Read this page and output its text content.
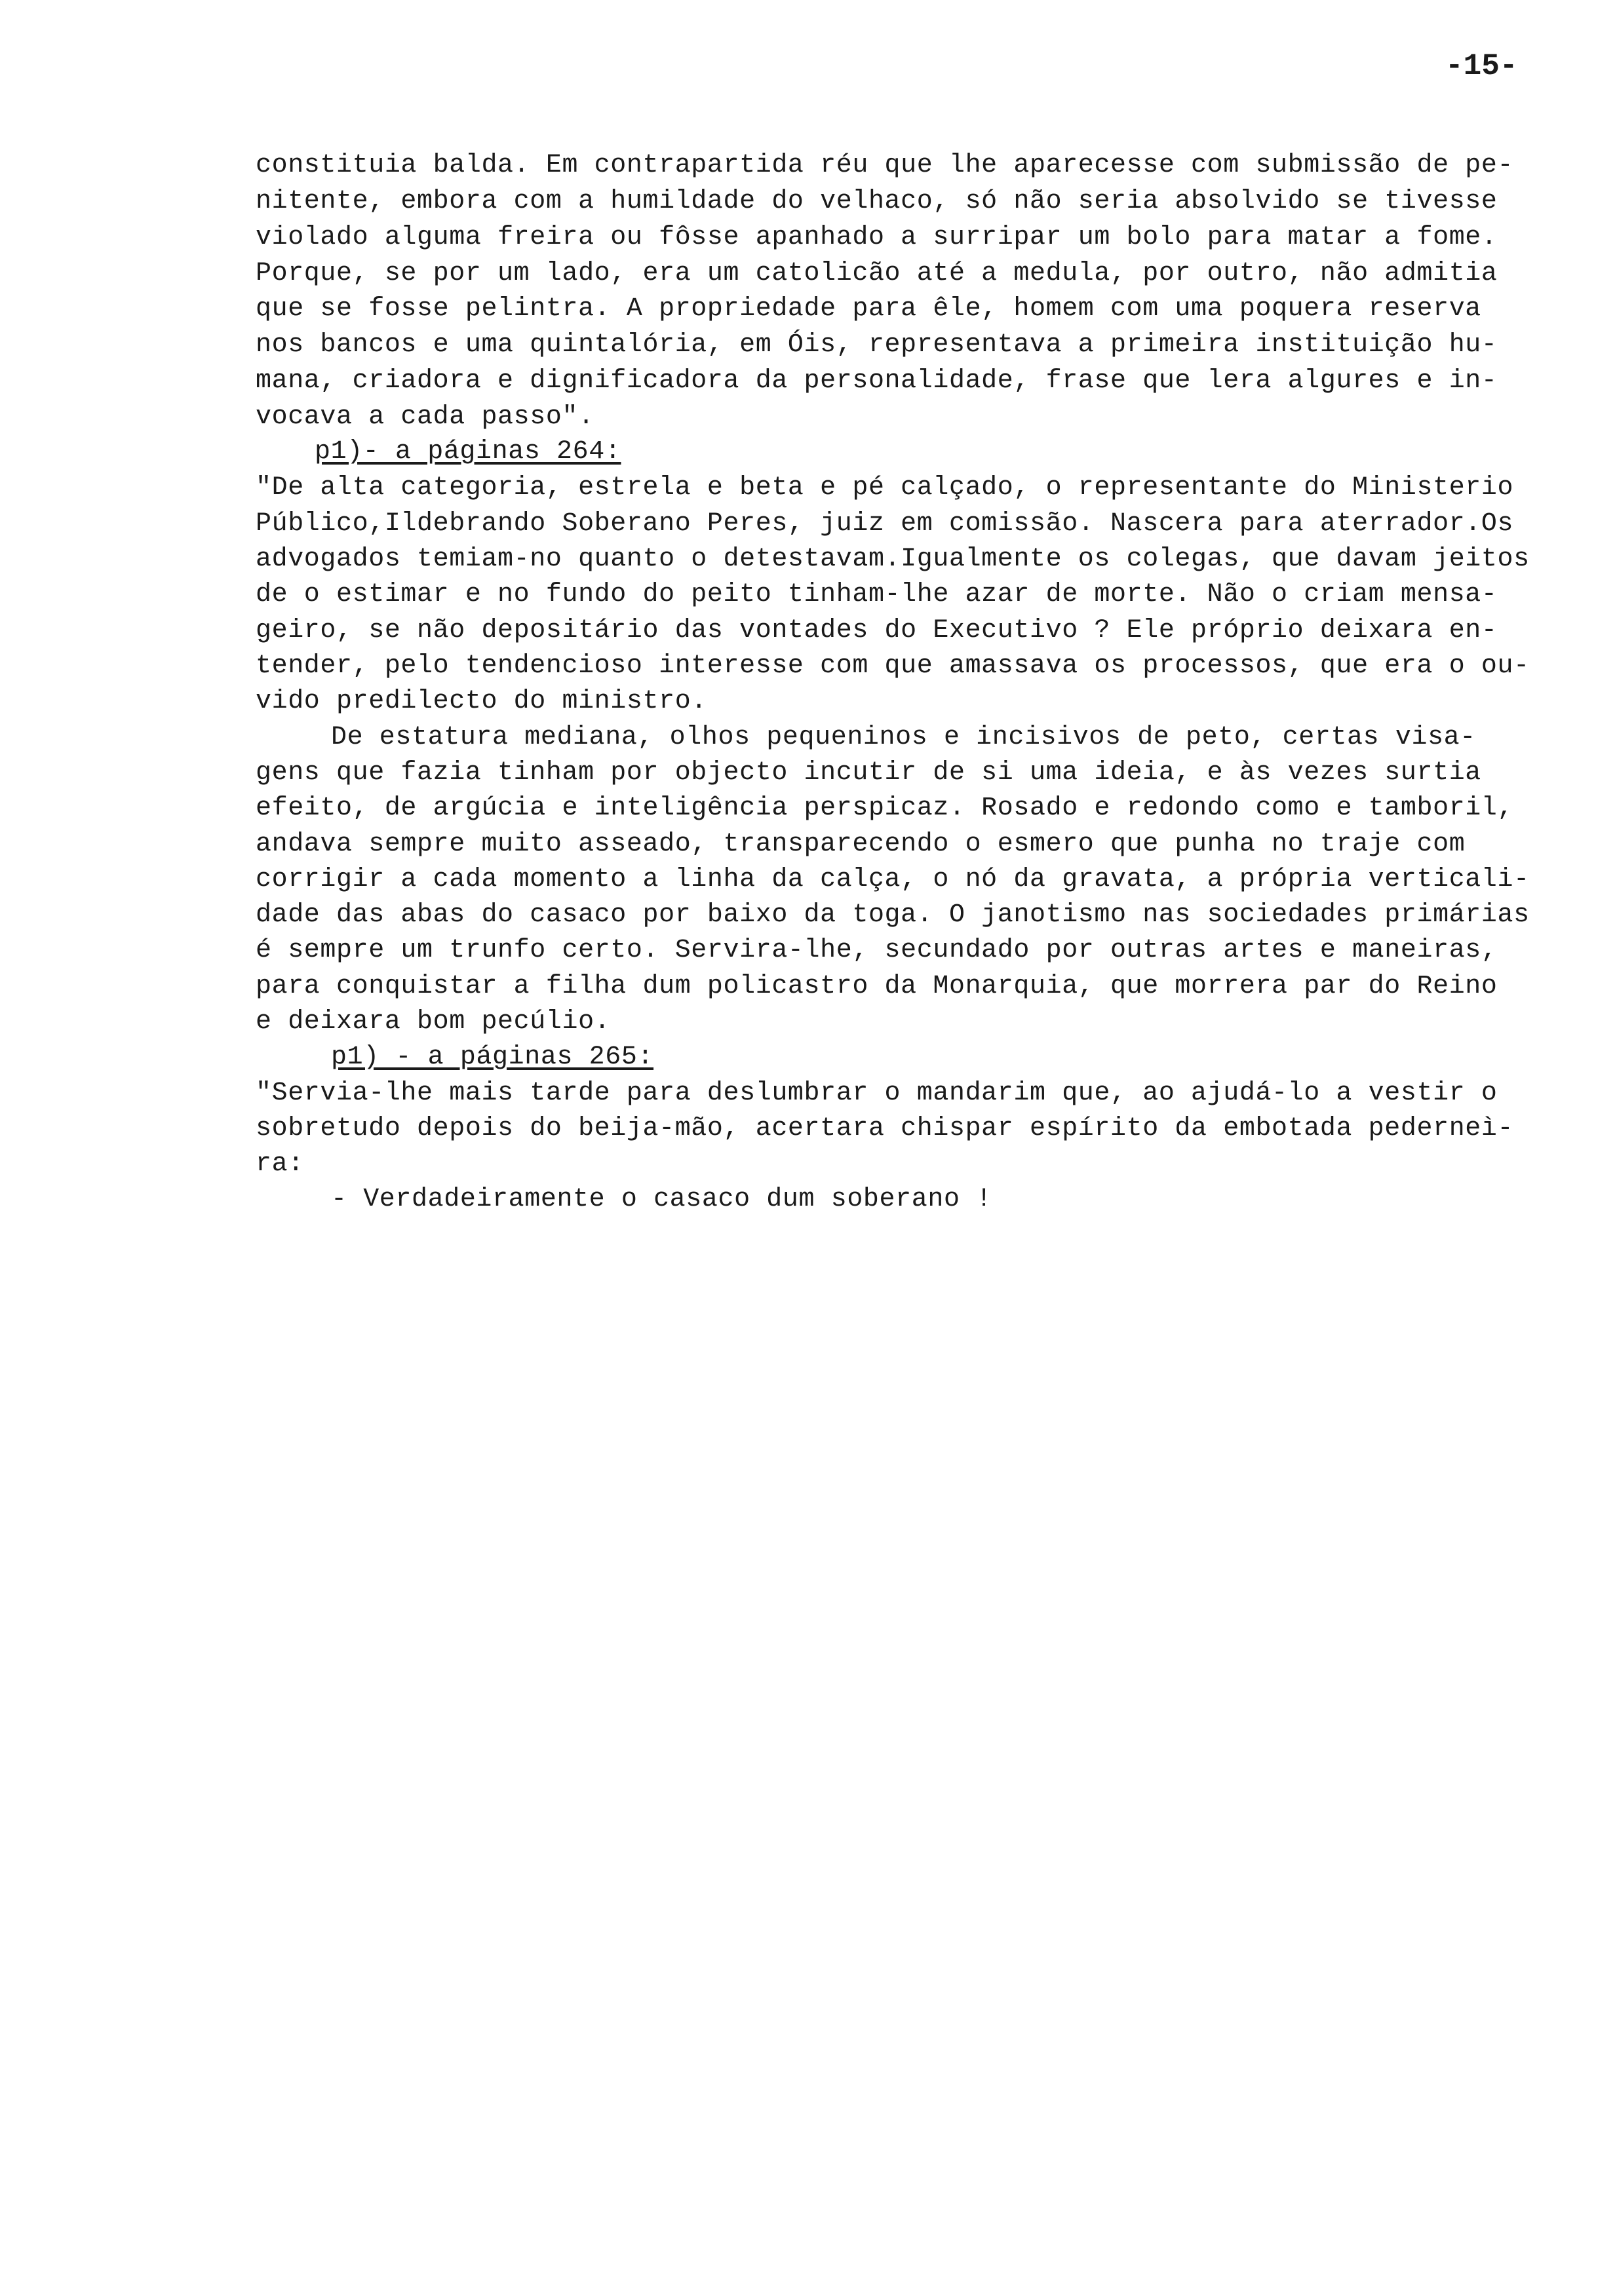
-15-
constituia balda. Em contrapartida réu que lhe aparecesse com submissão de pe-
nitente, embora com a humildade do velhaco, só não seria absolvido se tivesse
violado alguma freira ou fôsse apanhado a surripar um bolo para matar a fome.
Porque, se por um lado, era um catolicão até a medula, por outro, não admitia
que se fosse pelintra. A propriedade para êle, homem com uma poquera reserva
nos bancos e uma quintalória, em Óis, representava a primeira instituição hu-
mana, criadora e dignificadora da personalidade, frase que lera algures e in-
vocava a cada passo".
p1)- a páginas 264:
"De alta categoria, estrela e beta e pé calçado, o representante do Ministerio
Público,Ildebrando Soberano Peres, juiz em comissão. Nascera para aterrador.Os
advogados temiam-no quanto o detestavam.Igualmente os colegas, que davam jeitos
de o estimar e no fundo do peito tinham-lhe azar de morte. Não o criam mensa-
geiro, se não depositário das vontades do Executivo ? Ele próprio deixara en-
tender, pelo tendencioso interesse com que amassava os processos, que era o ou-
vido predilecto do ministro.
De estatura mediana, olhos pequeninos e incisivos de peto, certas visa-
gens que fazia tinham por objecto incutir de si uma ideia, e às vezes surtia
efeito, de argúcia e inteligência perspicaz. Rosado e redondo como e tamboril,
andava sempre muito asseado, transparecendo o esmero que punha no traje com
corrigir a cada momento a linha da calça, o nó da gravata, a própria verticali-
dade das abas do casaco por baixo da toga. O janotismo nas sociedades primárias
é sempre um trunfo certo. Servira-lhe, secundado por outras artes e maneiras,
para conquistar a filha dum policastro da Monarquia, que morrera par do Reino
e deixara bom pecúlio.
p1) - a páginas 265:
"Servia-lhe mais tarde para deslumbrar o mandarim que, ao ajudá-lo a vestir o
sobretudo depois do beija-mão, acertara chispar espírito da embotada pederneì-
ra:
- Verdadeiramente o casaco dum soberano !
